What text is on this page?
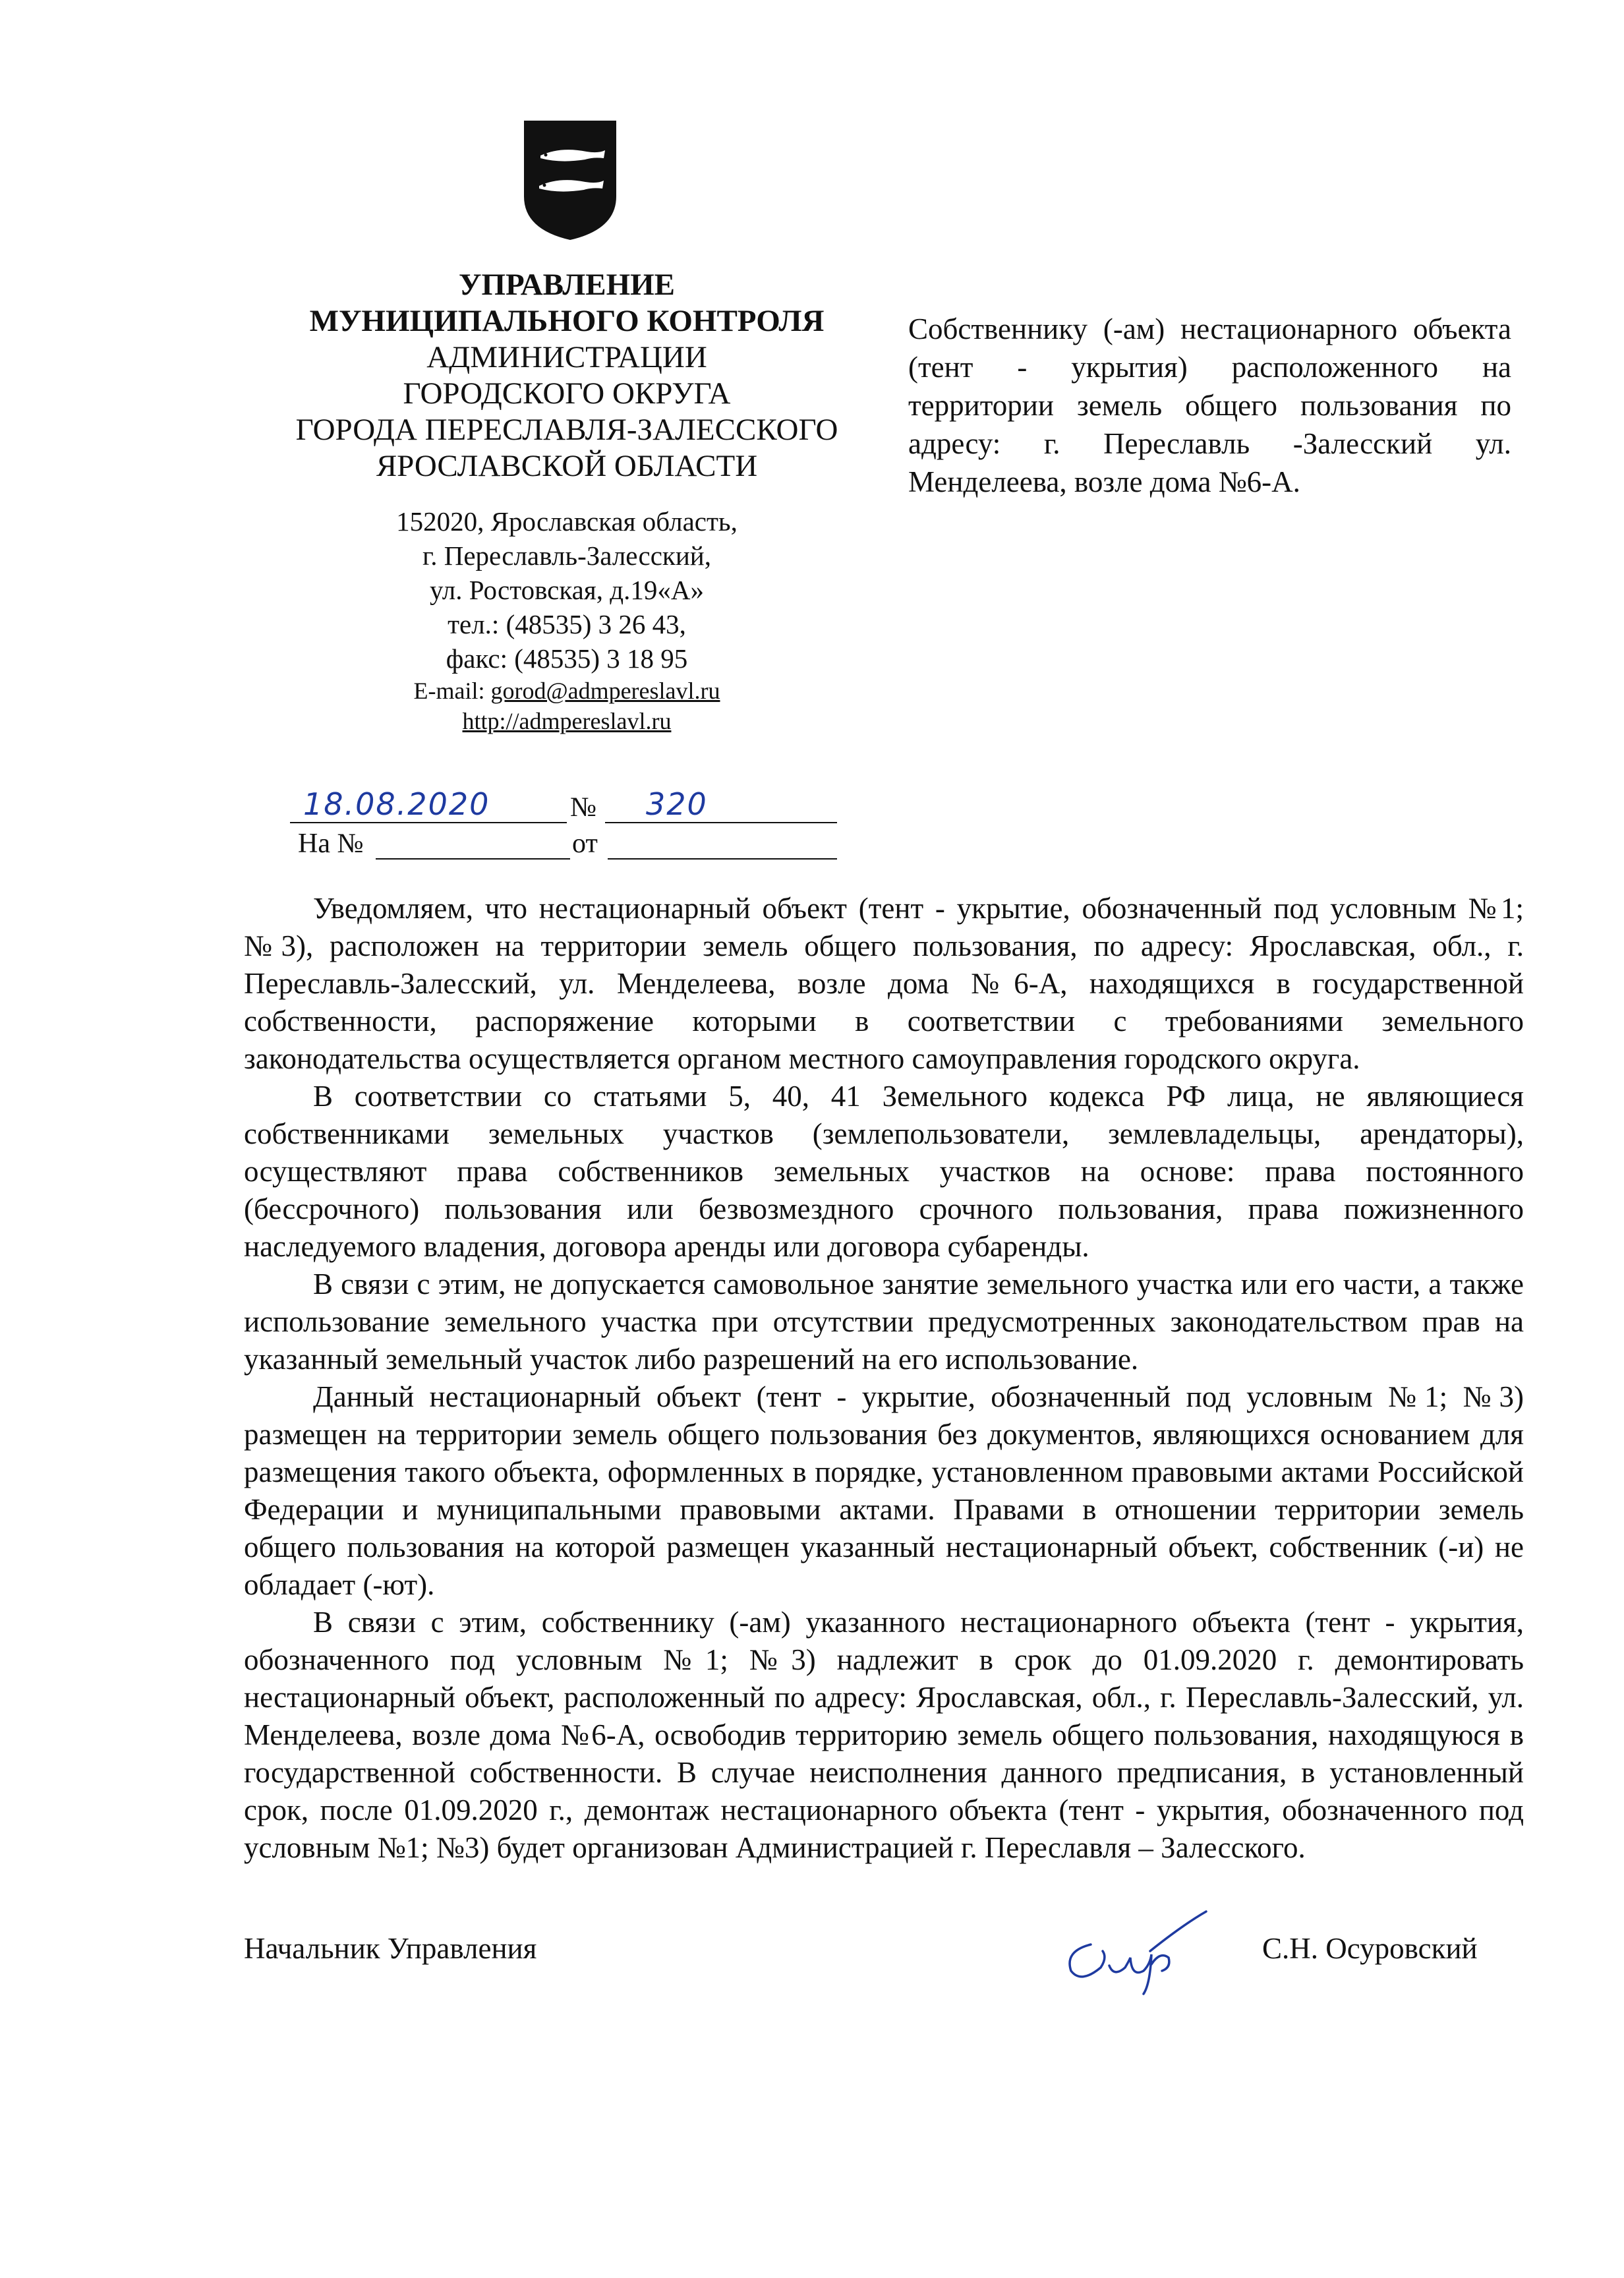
УПРАВЛЕНИЕ
МУНИЦИПАЛЬНОГО КОНТРОЛЯ
АДМИНИСТРАЦИИ
ГОРОДСКОГО ОКРУГА
ГОРОДА ПЕРЕСЛАВЛЯ-ЗАЛЕССКОГО
ЯРОСЛАВСКОЙ ОБЛАСТИ
152020, Ярославская область,
г. Переславль-Залесский,
ул. Ростовская, д.19«А»
тел.: (48535) 3 26 43,
факс: (48535) 3 18 95
E-mail: gorod@admpereslavl.ru
http://admpereslavl.ru
18.08.2020	№ 320
На №	от
Собственнику (-ам) нестационарного объекта (тент - укрытия) расположенного на территории земель общего пользования по адресу: г. Переславль -Залесский ул. Менделеева, возле дома №6-А.

Уведомляем, что нестационарный объект (тент - укрытие, обозначенный под условным №1; №3), расположен на территории земель общего пользования, по адресу: Ярославская, обл., г. Переславль-Залесский, ул. Менделеева, возле дома №6-А, находящихся в государственной собственности, распоряжение которыми в соответствии с требованиями земельного законодательства осуществляется органом местного самоуправления городского округа.

В соответствии со статьями 5, 40, 41 Земельного кодекса РФ лица, не являющиеся собственниками земельных участков (землепользователи, землевладельцы, арендаторы), осуществляют права собственников земельных участков на основе: права постоянного (бессрочного) пользования или безвозмездного срочного пользования, права пожизненного наследуемого владения, договора аренды или договора субаренды.

В связи с этим, не допускается самовольное занятие земельного участка или его части, а также использование земельного участка при отсутствии предусмотренных законодательством прав на указанный земельный участок либо разрешений на его использование.

Данный нестационарный объект (тент - укрытие, обозначенный под условным №1; №3) размещен на территории земель общего пользования без документов, являющихся основанием для размещения такого объекта, оформленных в порядке, установленном правовыми актами Российской Федерации и муниципальными правовыми актами. Правами в отношении территории земель общего пользования на которой размещен указанный нестационарный объект, собственник (-и) не обладает (-ют).

В связи с этим, собственнику (-ам) указанного нестационарного объекта (тент - укрытия, обозначенного под условным №1; №3) надлежит в срок до 01.09.2020 г. демонтировать нестационарный объект, расположенный по адресу: Ярославская, обл., г. Переславль-Залесский, ул. Менделеева, возле дома №6-А, освободив территорию земель общего пользования, находящуюся в государственной собственности. В случае неисполнения данного предписания, в установленный срок, после 01.09.2020 г., демонтаж нестационарного объекта (тент - укрытия, обозначенного под условным №1; №3) будет организован Администрацией г. Переславля – Залесского.

Начальник Управления	С.Н. Осуровский
